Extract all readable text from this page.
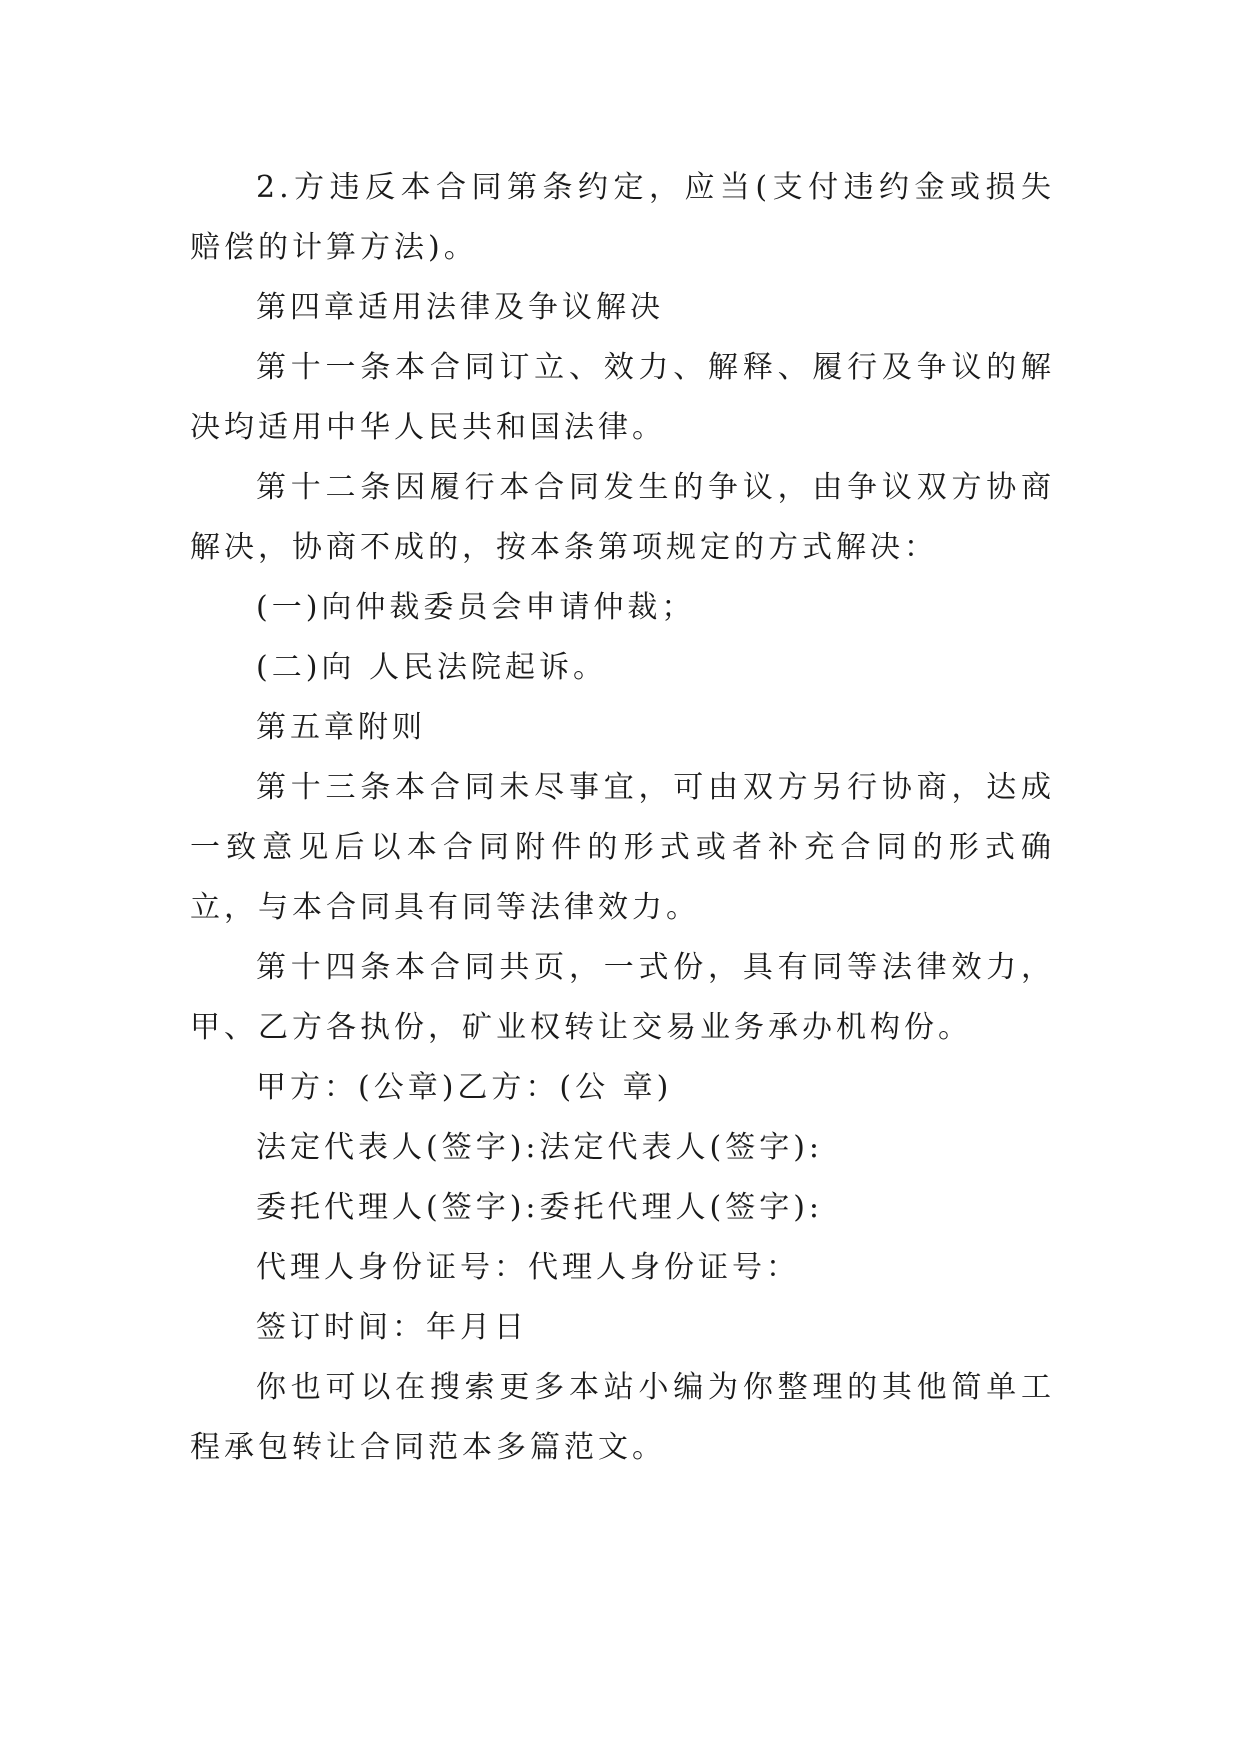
2.方违反本合同第条约定，应当(支付违约金或损失赔偿的计算方法)。

第四章适用法律及争议解决

第十一条本合同订立、效力、解释、履行及争议的解决均适用中华人民共和国法律。

第十二条因履行本合同发生的争议，由争议双方协商解决，协商不成的，按本条第项规定的方式解决：

(一)向仲裁委员会申请仲裁；

(二)向 人民法院起诉。

第五章附则

第十三条本合同未尽事宜，可由双方另行协商，达成一致意见后以本合同附件的形式或者补充合同的形式确立，与本合同具有同等法律效力。

第十四条本合同共页，一式份，具有同等法律效力，甲、乙方各执份，矿业权转让交易业务承办机构份。

甲方：(公章)乙方：(公 章)

法定代表人(签字):法定代表人(签字):

委托代理人(签字):委托代理人(签字):

代理人身份证号：代理人身份证号：

签订时间：年月日

你也可以在搜索更多本站小编为你整理的其他简单工程承包转让合同范本多篇范文。
